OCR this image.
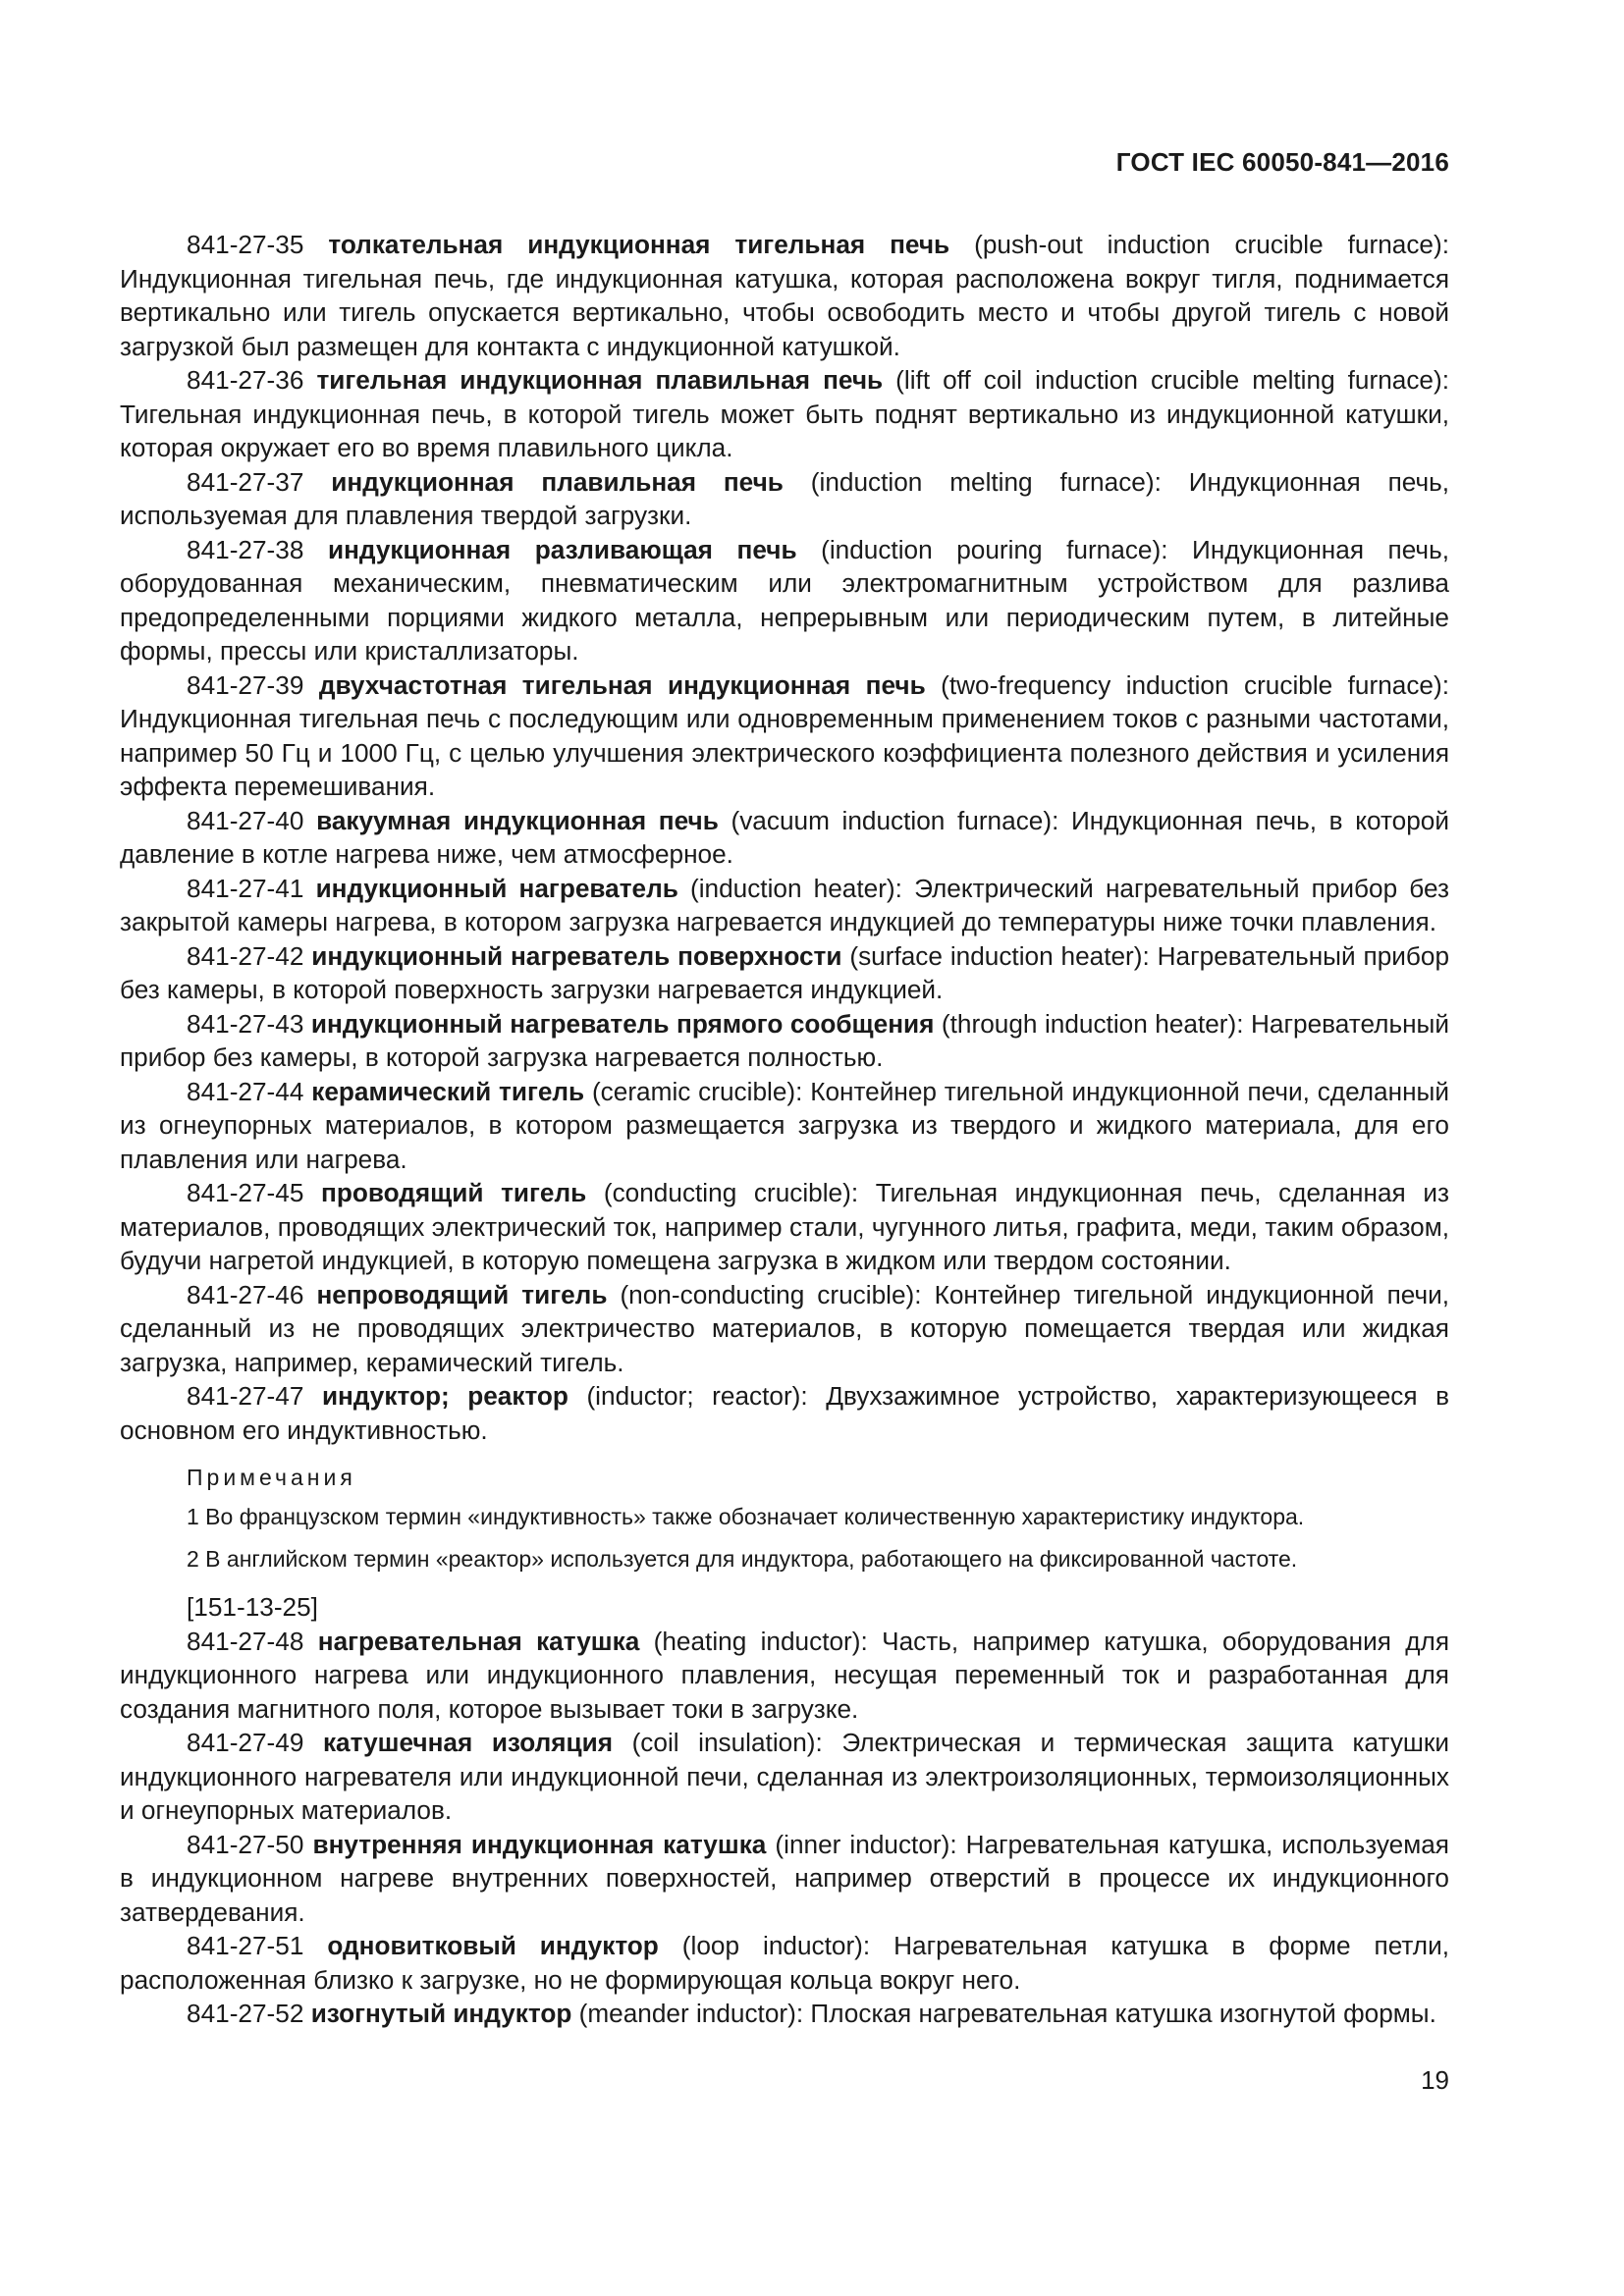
ГОСТ IEC 60050-841—2016

841-27-35 толкательная индукционная тигельная печь (push-out induction crucible furnace): Индукционная тигельная печь, где индукционная катушка, которая расположена вокруг тигля, поднимается вертикально или тигель опускается вертикально, чтобы освободить место и чтобы другой тигель с новой загрузкой был размещен для контакта с индукционной катушкой.

841-27-36 тигельная индукционная плавильная печь (lift off coil induction crucible melting furnace): Тигельная индукционная печь, в которой тигель может быть поднят вертикально из индукционной катушки, которая окружает его во время плавильного цикла.

841-27-37 индукционная плавильная печь (induction melting furnace): Индукционная печь, используемая для плавления твердой загрузки.

841-27-38 индукционная разливающая печь (induction pouring furnace): Индукционная печь, оборудованная механическим, пневматическим или электромагнитным устройством для разлива предопределенными порциями жидкого металла, непрерывным или периодическим путем, в литейные формы, прессы или кристаллизаторы.

841-27-39 двухчастотная тигельная индукционная печь (two-frequency induction crucible furnace): Индукционная тигельная печь с последующим или одновременным применением токов с разными частотами, например 50 Гц и 1000 Гц, с целью улучшения электрического коэффициента полезного действия и усиления эффекта перемешивания.

841-27-40 вакуумная индукционная печь (vacuum induction furnace): Индукционная печь, в которой давление в котле нагрева ниже, чем атмосферное.

841-27-41 индукционный нагреватель (induction heater): Электрический нагревательный прибор без закрытой камеры нагрева, в котором загрузка нагревается индукцией до температуры ниже точки плавления.

841-27-42 индукционный нагреватель поверхности (surface induction heater): Нагревательный прибор без камеры, в которой поверхность загрузки нагревается индукцией.

841-27-43 индукционный нагреватель прямого сообщения (through induction heater): Нагревательный прибор без камеры, в которой загрузка нагревается полностью.

841-27-44 керамический тигель (ceramic crucible): Контейнер тигельной индукционной печи, сделанный из огнеупорных материалов, в котором размещается загрузка из твердого и жидкого материала, для его плавления или нагрева.

841-27-45 проводящий тигель (conducting crucible): Тигельная индукционная печь, сделанная из материалов, проводящих электрический ток, например стали, чугунного литья, графита, меди, таким образом, будучи нагретой индукцией, в которую помещена загрузка в жидком или твердом состоянии.

841-27-46 непроводящий тигель (non-conducting crucible): Контейнер тигельной индукционной печи, сделанный из не проводящих электричество материалов, в которую помещается твердая или жидкая загрузка, например, керамический тигель.

841-27-47 индуктор; реактор (inductor; reactor): Двухзажимное устройство, характеризующееся в основном его индуктивностью.

Примечания
1 Во французском термин «индуктивность» также обозначает количественную характеристику индуктора.
2 В английском термин «реактор» используется для индуктора, работающего на фиксированной частоте.
[151-13-25]

841-27-48 нагревательная катушка (heating inductor): Часть, например катушка, оборудования для индукционного нагрева или индукционного плавления, несущая переменный ток и разработанная для создания магнитного поля, которое вызывает токи в загрузке.

841-27-49 катушечная изоляция (coil insulation): Электрическая и термическая защита катушки индукционного нагревателя или индукционной печи, сделанная из электроизоляционных, термоизоляционных и огнеупорных материалов.

841-27-50 внутренняя индукционная катушка (inner inductor): Нагревательная катушка, используемая в индукционном нагреве внутренних поверхностей, например отверстий в процессе их индукционного затвердевания.

841-27-51 одновитковый индуктор (loop inductor): Нагревательная катушка в форме петли, расположенная близко к загрузке, но не формирующая кольца вокруг него.

841-27-52 изогнутый индуктор (meander inductor): Плоская нагревательная катушка изогнутой формы.

19
